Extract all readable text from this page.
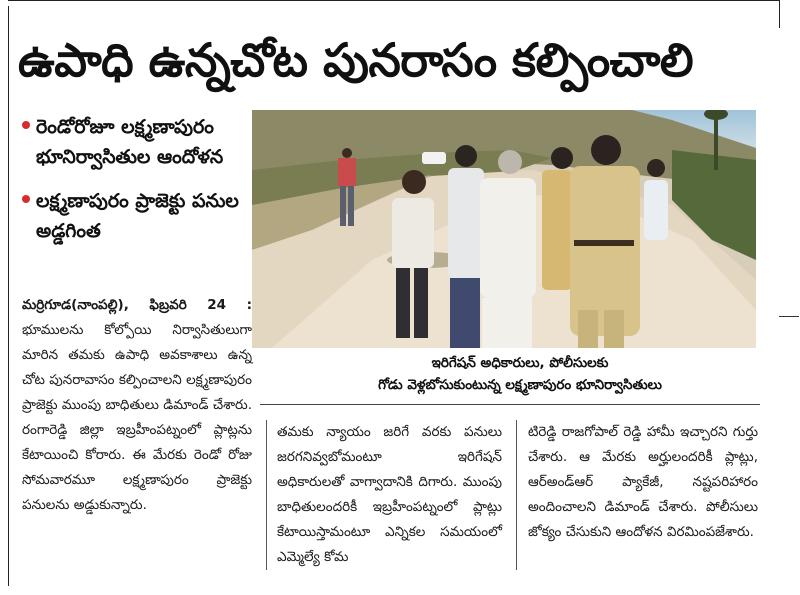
ఉపాధి ఉన్నచోట పునరాసం కల్పించాలి
రెండోరోజూ లక్ష్మణాపురం భూనిర్వాసితుల ఆందోళన
లక్ష్మణాపురం ప్రాజెక్టు పనుల అడ్డగింత
ఇరిగేషన్ అధికారులు, పోలీసులకు
గోడు వెళ్లబోసుకుంటున్న లక్ష్మణాపురం భూనిర్వాసితులు
మర్రిగూడ(నాంపల్లి), ఫిబ్రవరి 24 : భూములను కోల్పోయి నిర్వాసితులుగా మారిన తమకు ఉపాధి అవకాశాలు ఉన్న చోట పునరావాసం కల్పించాలని లక్ష్మణాపురం ప్రాజెక్టు ముంపు బాధితులు డిమాండ్ చేశారు. రంగారెడ్డి జిల్లా ఇబ్రహీంపట్నంలో ప్లాట్లను కేటాయించి కోరారు. ఈ మేరకు రెండో రోజు సోమవారమూ లక్ష్మణాపురం ప్రాజెక్టు పనులను అడ్డుకున్నారు.
తమకు న్యాయం జరిగే వరకు పనులు జరగనివ్వబోమంటూ ఇరిగేషన్ అధికారులతో వాగ్వాదానికి దిగారు. ముంపు బాధితులందరికీ ఇబ్రహీంపట్నంలో ప్లాట్లు కేటాయిస్తామంటూ ఎన్నికల సమయంలో ఎమ్మెల్యే కోమ
టిరెడ్డి రాజగోపాల్ రెడ్డి హామీ ఇచ్చారని గుర్తు చేశారు. ఆ మేరకు అర్హులందరికీ ప్లాట్లు, ఆర్అండ్ఆర్ ప్యాకేజీ, నష్టపరిహారం అందించాలని డిమాండ్ చేశారు. పోలీసులు జోక్యం చేసుకుని ఆందోళన విరమింపజేశారు.
